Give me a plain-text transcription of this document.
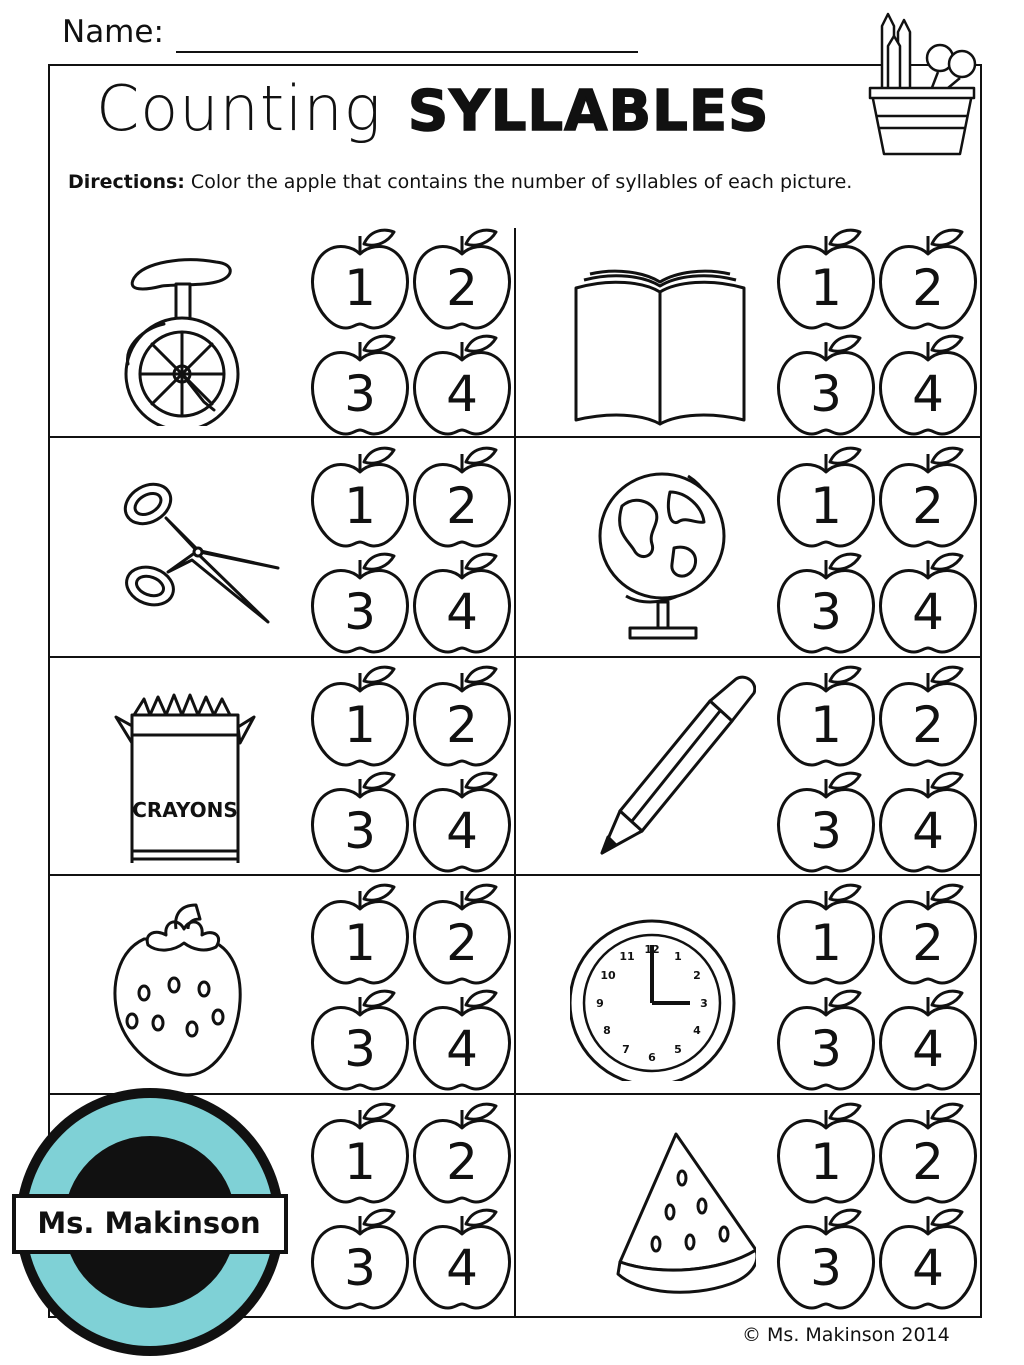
Name:
Counting SYLLABLES
Directions: Color the apple that contains the number of syllables of each picture.
1	2
3	4
1	2
3	4
1	2
3	4
1	2
3	4
CRAYONS
1	2
3	4
1	2
3	4
1	2
3	4
12
1
2
3
4
5
6
7
8
9
10
11	1	2
3	4
1	2
3	4
1	2
3	4
Ms. Makinson
© Ms. Makinson 2014
